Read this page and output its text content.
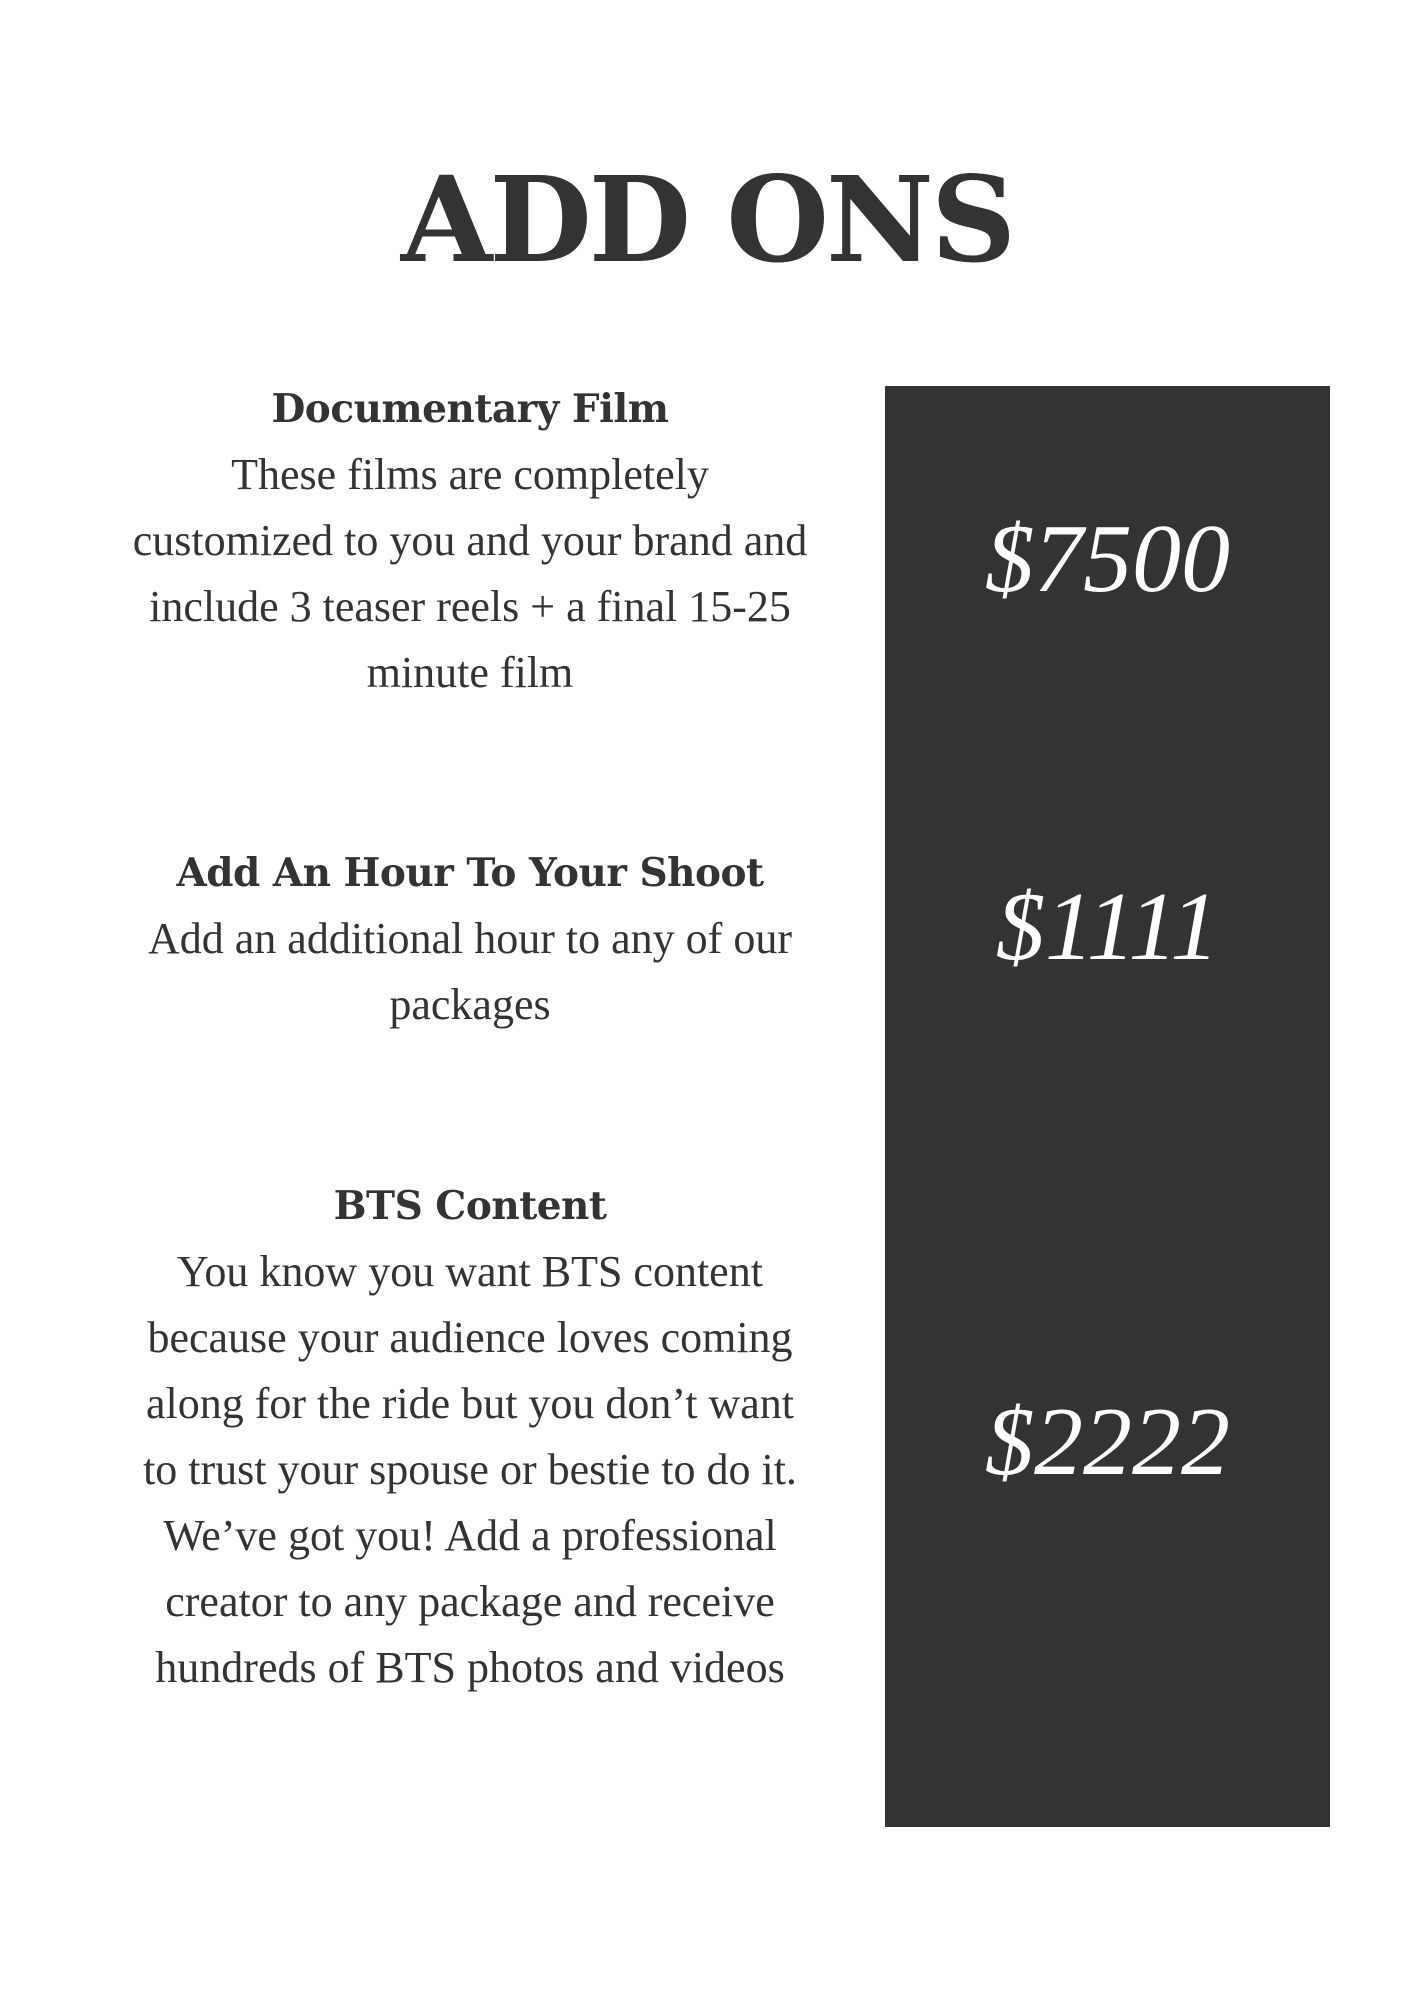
ADD ONS
Documentary Film
These films are completely customized to you and your brand and include 3 teaser reels + a final 15-25 minute film
Add An Hour To Your Shoot
Add an additional hour to any of our packages
BTS Content
You know you want BTS content because your audience loves coming along for the ride but you don’t want to trust your spouse or bestie to do it. We’ve got you! Add a professional creator to any package and receive hundreds of BTS photos and videos
$7500
$1111
$2222
